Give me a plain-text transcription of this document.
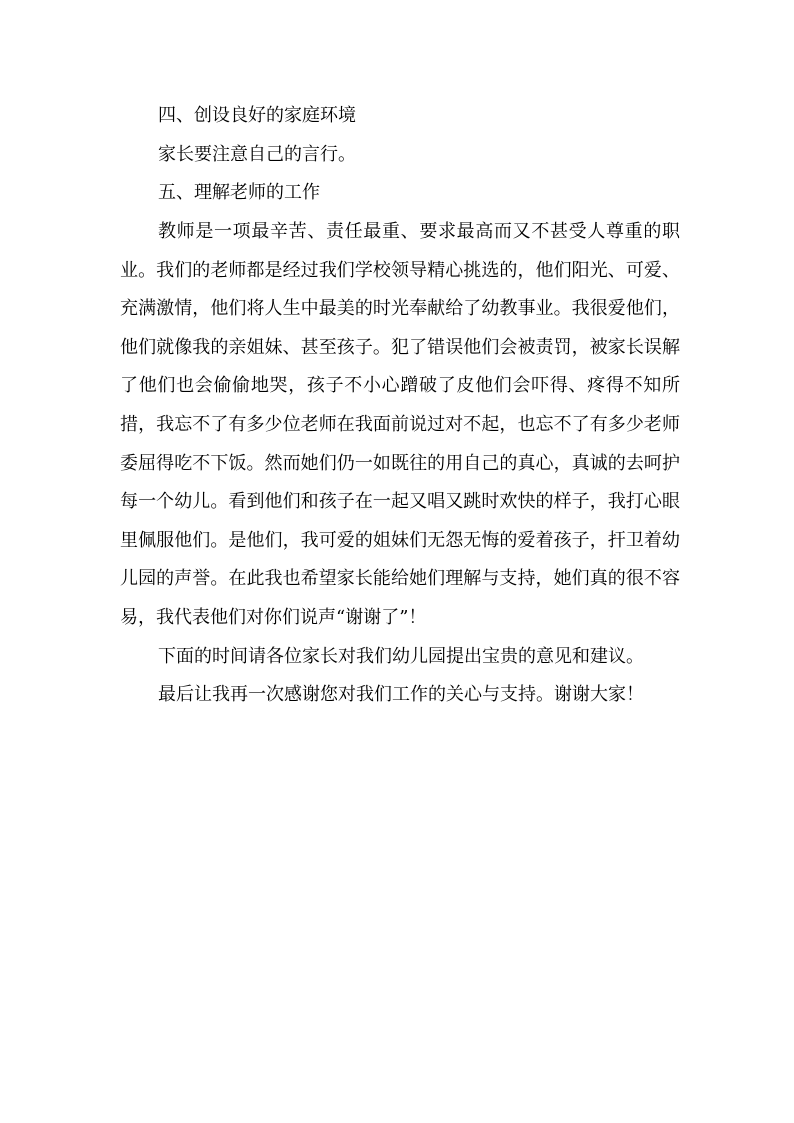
四、创设良好的家庭环境

家长要注意自己的言行。

五、理解老师的工作

教师是一项最辛苦、责任最重、要求最高而又不甚受人尊重的职业。我们的老师都是经过我们学校领导精心挑选的，他们阳光、可爱、充满激情，他们将人生中最美的时光奉献给了幼教事业。我很爱他们，他们就像我的亲姐妹、甚至孩子。犯了错误他们会被责罚，被家长误解了他们也会偷偷地哭，孩子不小心蹭破了皮他们会吓得、疼得不知所措，我忘不了有多少位老师在我面前说过对不起，也忘不了有多少老师委屈得吃不下饭。然而她们仍一如既往的用自己的真心，真诚的去呵护每一个幼儿。看到他们和孩子在一起又唱又跳时欢快的样子，我打心眼里佩服他们。是他们，我可爱的姐妹们无怨无悔的爱着孩子，扞卫着幼儿园的声誉。在此我也希望家长能给她们理解与支持，她们真的很不容易，我代表他们对你们说声“谢谢了”！

下面的时间请各位家长对我们幼儿园提出宝贵的意见和建议。

最后让我再一次感谢您对我们工作的关心与支持。谢谢大家！
